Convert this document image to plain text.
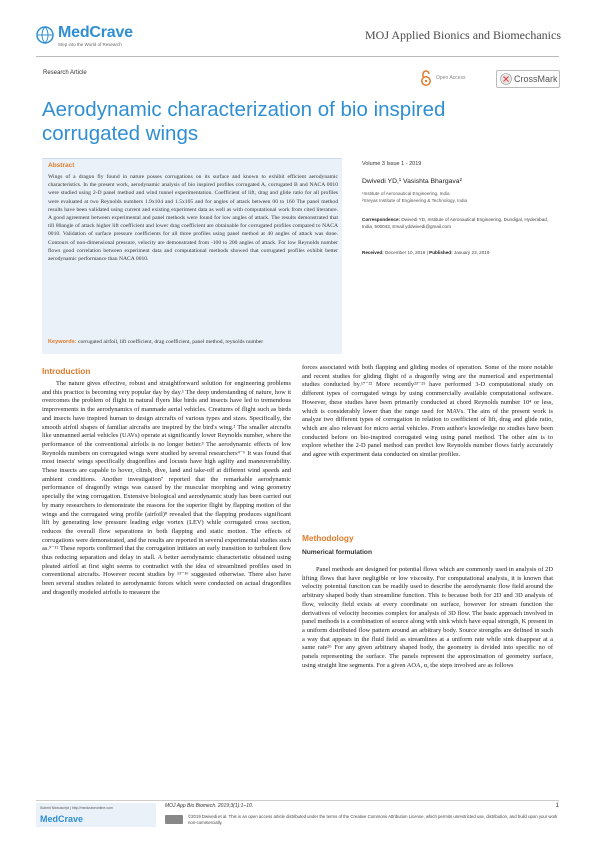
MedCrave
Step into the World of Research
MOJ Applied Bionics and Biomechanics
Research Article
Open Access	CrossMark
Aerodynamic characterization of bio inspired corrugated wings
Abstract

Wings of a dragon fly found in nature posses corrugations on its surface and known to exhibit efficient aerodynamic characteristics. In the present work, aerodynamic analysis of bio inspired profiles corrugated A, corrugated B and NACA 0010 were studied using 2-D panel method and wind tunnel experimentation. Coefficient of lift, drag and glide ratio for all profiles were evaluated at two Reynolds numbers 1.9x104 and 1.5x105 and for angles of attack between 00 to 160 The panel method results have been validated using current and existing experiment data as well as with computational work from cited literature. A good agreement between experimental and panel methods were found for low angles of attack. The results demonstrated that till 80angle of attack higher lift coefficient and lower drag coefficient are obtainable for corrugated profiles compared to NACA 0010. Validation of surface pressure coefficients for all three profiles using panel method at 40 angles of attack was done. Contours of non-dimensional pressure, velocity are demonstrated from -100 to 200 angles of attack. For low Reynolds number flows good correlation between experiment data and computational methods showed that corrugated profiles exhibit better aerodynamic performance than NACA 0010.

Keywords: corrugated airfoil, lift coefficient, drag coefficient, panel method, reynolds number

Volume 3 Issue 1 - 2019
Dwivedi YD,¹ Vasishta Bhargava²
¹Institute of Aeronautical Engineering, India
²Sreyas Institute of Engineering & Technology, India
Correspondence: Dwivedi YD, Institute of Aeronautical Engineering, Dundigal, Hyderabad, India, 500043, Email yddwivedi@gmail.com
Received: December 10, 2018 | Published: January 23, 2019
Introduction

The nature gives effective, robust and straightforward solution for engineering problems and this practice is becoming very popular day by day.¹ The deep understanding of nature, how it overcomes the problem of flight in natural flyers like birds and insects have led to tremendous improvements in the aerodynamics of manmade aerial vehicles. Creatures of flight such as birds and insects have inspired human to design aircrafts of various types and sizes. Specifically, the smooth airfoil shapes of familiar aircrafts are inspired by the bird's wing.² The smaller aircrafts like unmanned aerial vehicles (UAVs) operate at significantly lower Reynolds number, where the performance of the conventional airfoils is no longer better.³ The aerodynamic effects of low Reynolds numbers on corrugated wings were studied by several researchers⁴⁻⁶ It was found that most insects' wings specifically dragonflies and locusts have high agility and maneuverability. These insects are capable to hover, climb, dive, land and take-off at different wind speeds and ambient conditions. Another investigation⁷ reported that the remarkable aerodynamic performance of dragonfly wings was caused by the muscular morphing and wing geometry specially the wing corrugation. Extensive biological and aerodynamic study has been carried out by many researchers to demonstrate the reasons for the superior flight by flapping motion of the wings and the corrugated wing profile (airfoil)⁸ revealed that the flapping produces significant lift by generating low pressure leading edge vortex (LEV) while corrugated cross section, reduces the overall flow separations in both flapping and static motion. The effects of corrugations were demonstrated, and the results are reported in several experimental studies such as.⁹⁻¹² These reports confirmed that the corrugation initiates an early transition to turbulent flow thus reducing separation and delay in stall. A better aerodynamic characteristic obtained using pleated airfoil at first sight seems to contradict with the idea of streamlined profiles used in conventional aircrafts. However recent studies by ¹³⁻¹⁶ suggested otherwise. There also have been several studies related to aerodynamic forces which were conducted on actual dragonflies and dragonfly modeled airfoils to measure the

forces associated with both flapping and gliding modes of operation. Some of the more notable and recent studies for gliding flight of a dragonfly wing are the numerical and experimental studies conducted by.¹⁷⁻²² More recently²³⁻²⁵ have performed 3-D computational study on different types of corrugated wings by using commercially available computational software. However, these studies have been primarily conducted at chord Reynolds number 10⁴ or less, which is considerably lower than the range used for MAVs. The aim of the present work is analyze two different types of corrugation in relation to coefficient of lift, drag and glide ratio, which are also relevant for micro aerial vehicles. From author's knowledge no studies have been conducted before on bio-inspired corrugated wing using panel method. The other aim is to explore whether the 2-D panel method can predict low Reynolds number flows fairly accurately and agree with experiment data conducted on similar profiles.

Methodology
Numerical formulation

Panel methods are designed for potential flows which are commonly used in analysis of 2D lifting flows that have negligible or low viscosity. For computational analysis, it is known that velocity potential function can be readily used to describe the aerodynamic flow field around the arbitrary shaped body than streamline function. This is because both for 2D and 3D analysis of flow, velocity field exists at every coordinate on surface, however for stream function the derivatives of velocity becomes complex for analysis of 3D flow. The basic approach involved in panel methods is a combination of source along with sink which have equal strength, K present in a uniform distributed flow pattern around an arbitrary body. Source strengths are defined in such a way that appears in the fluid field as streamlines at a uniform rate while sink disappear at a same rate²⁶ For any given arbitrary shaped body, the geometry is divided into specific no of panels representing the surface. The panels represent the approximation of geometry surface, using straight line segments. For a given AOA, α, the steps involved are as follows

Submit Manuscript | http://medcraveonline.com
MedCrave
MOJ App Bio Biomech. 2019;3(1):1–10.	1
©2019 Dwivedi et al. This is an open access article distributed under the terms of the Creative Commons Attribution License, which permits unrestricted use, distribution, and build upon your work non-commercially.
